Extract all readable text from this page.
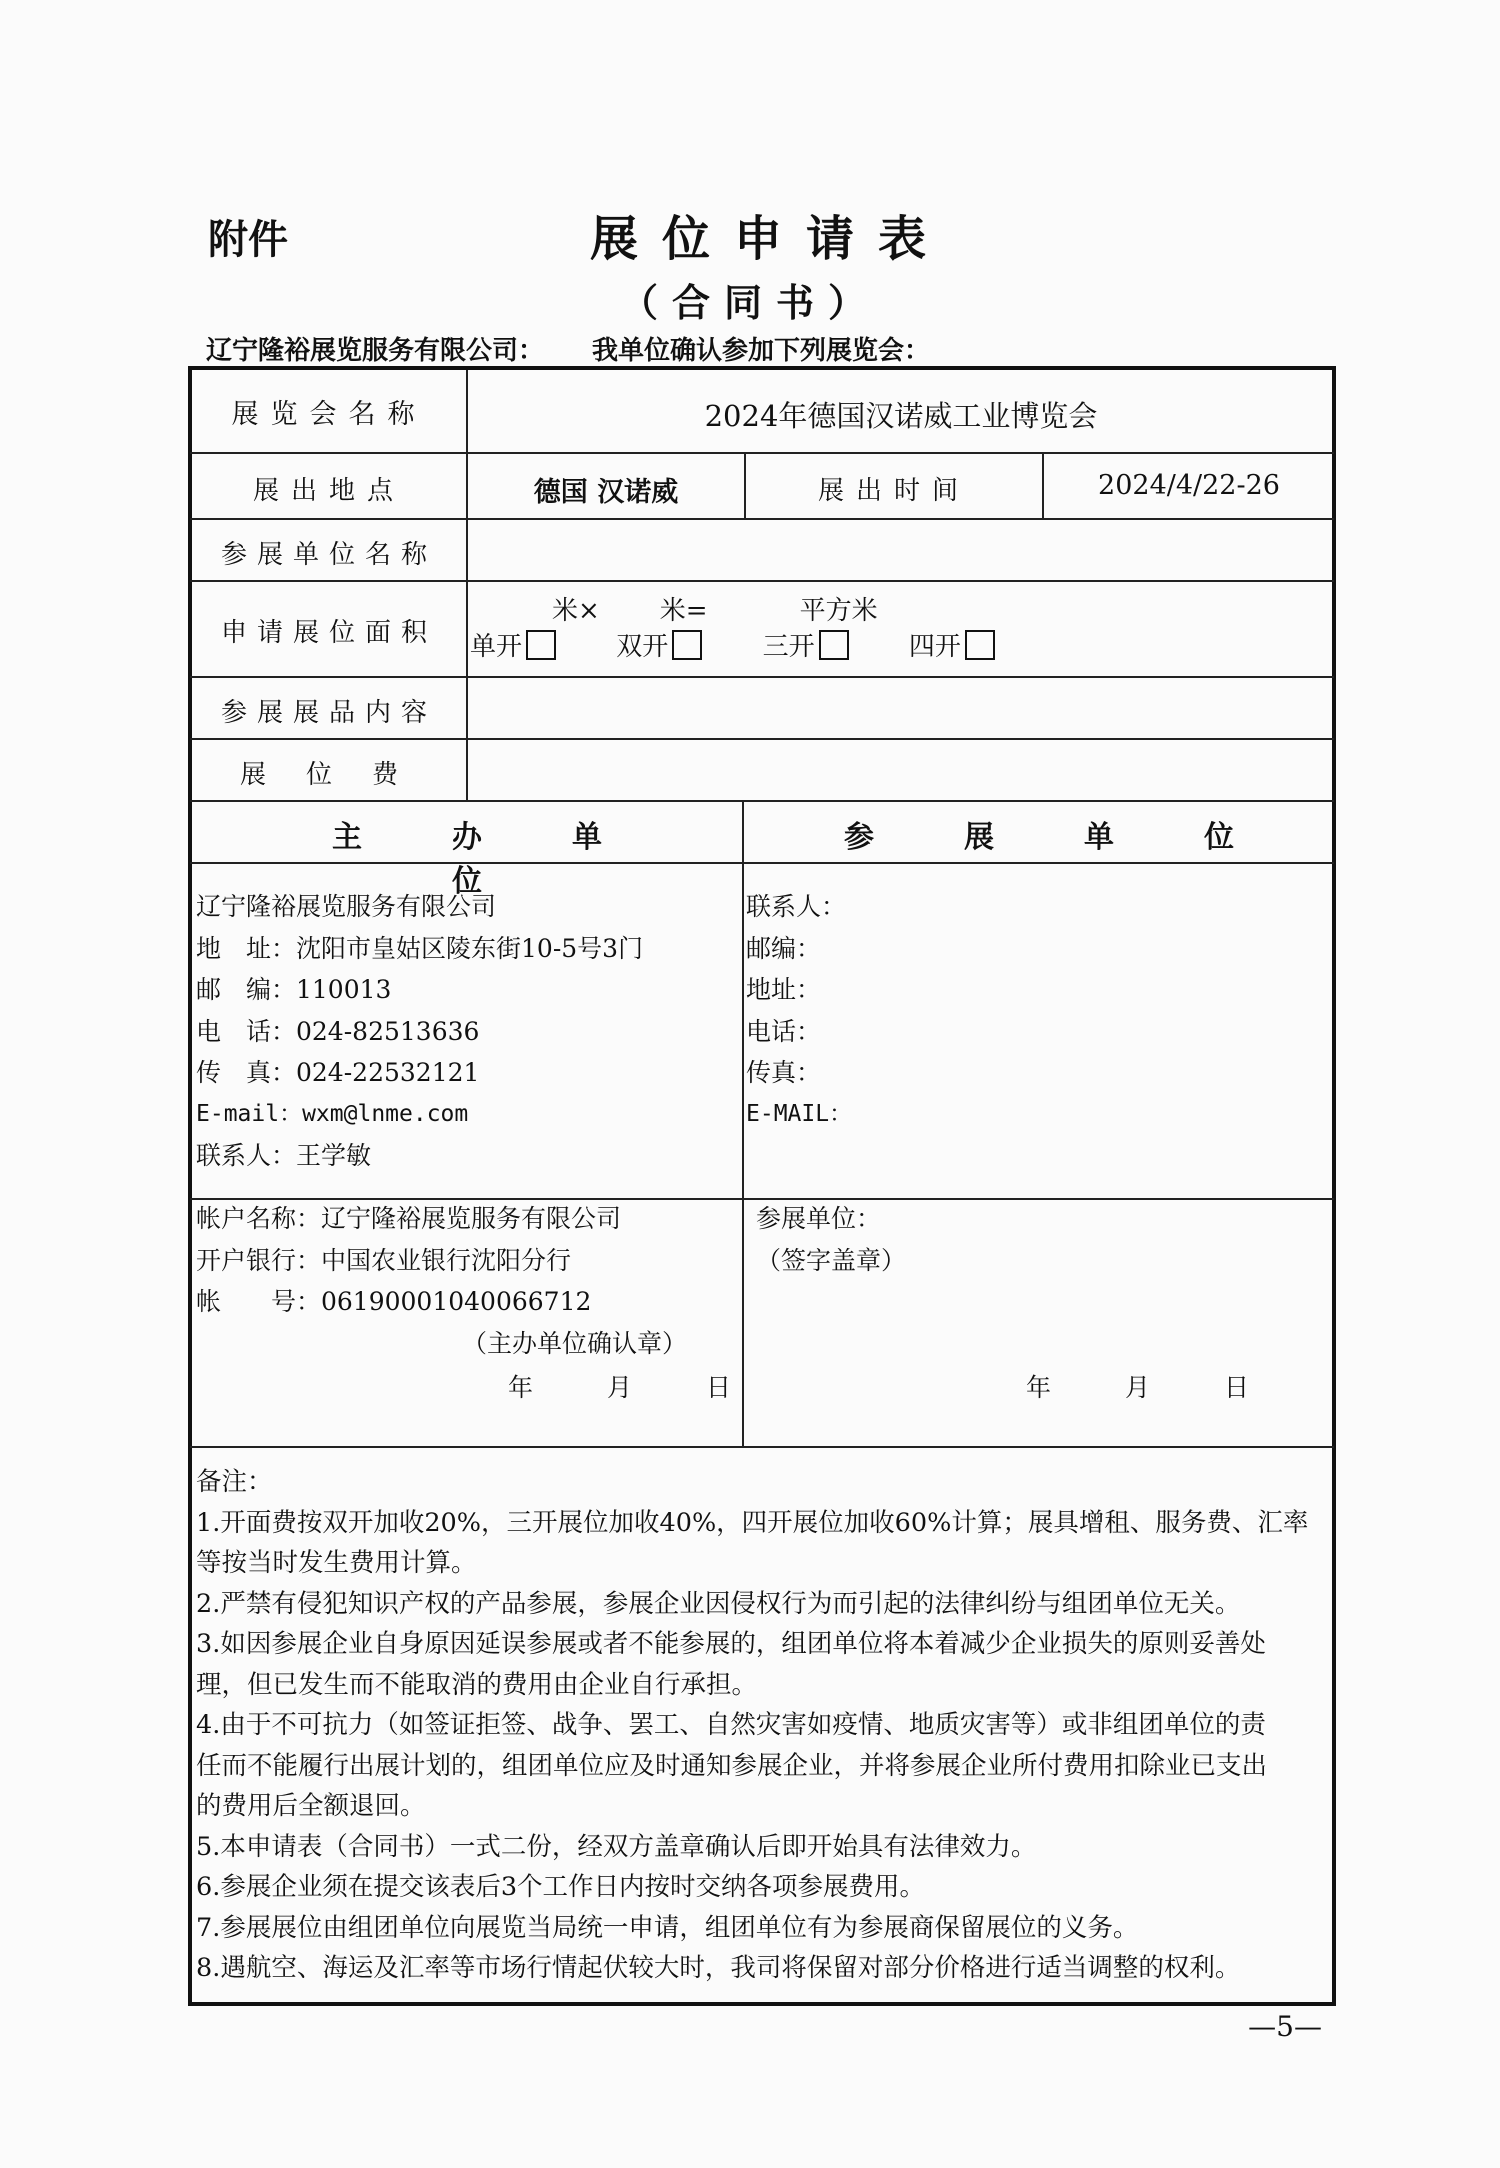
附件	展位申请表
（合同书）
辽宁隆裕展览服务有限公司： 我单位确认参加下列展览会：
展览会名称	2024年德国汉诺威工业博览会
展出地点	德国 汉诺威	展出时间	2024/4/22-26
参展单位名称
申请展位面积
米× 米=	平方米
单开	双开	三开	四开
参展展品内容
展位费
主办单位
参展单位
辽宁隆裕展览服务有限公司
地　址：沈阳市皇姑区陵东街10-5号3门
邮　编：110013
电　话：024-82513636
传　真：024-22532121
E-mail：wxm@lnme.com
联系人：王学敏
联系人：
邮编：
地址：
电话：
传真：
E-MAIL：
帐户名称：辽宁隆裕展览服务有限公司
开户银行：中国农业银行沈阳分行
帐　　号：06190001040066712
（主办单位确认章）
年　　月　　日
参展单位：
（签字盖章）
年　　月　　日
备注：
1.开面费按双开加收20%，三开展位加收40%，四开展位加收60%计算；展具增租、服务费、汇率
等按当时发生费用计算。
2.严禁有侵犯知识产权的产品参展，参展企业因侵权行为而引起的法律纠纷与组团单位无关。
3.如因参展企业自身原因延误参展或者不能参展的，组团单位将本着减少企业损失的原则妥善处
理，但已发生而不能取消的费用由企业自行承担。
4.由于不可抗力（如签证拒签、战争、罢工、自然灾害如疫情、地质灾害等）或非组团单位的责
任而不能履行出展计划的，组团单位应及时通知参展企业，并将参展企业所付费用扣除业已支出
的费用后全额退回。
5.本申请表（合同书）一式二份，经双方盖章确认后即开始具有法律效力。
6.参展企业须在提交该表后3个工作日内按时交纳各项参展费用。
7.参展展位由组团单位向展览当局统一申请，组团单位有为参展商保留展位的义务。
8.遇航空、海运及汇率等市场行情起伏较大时，我司将保留对部分价格进行适当调整的权利。
—5—
